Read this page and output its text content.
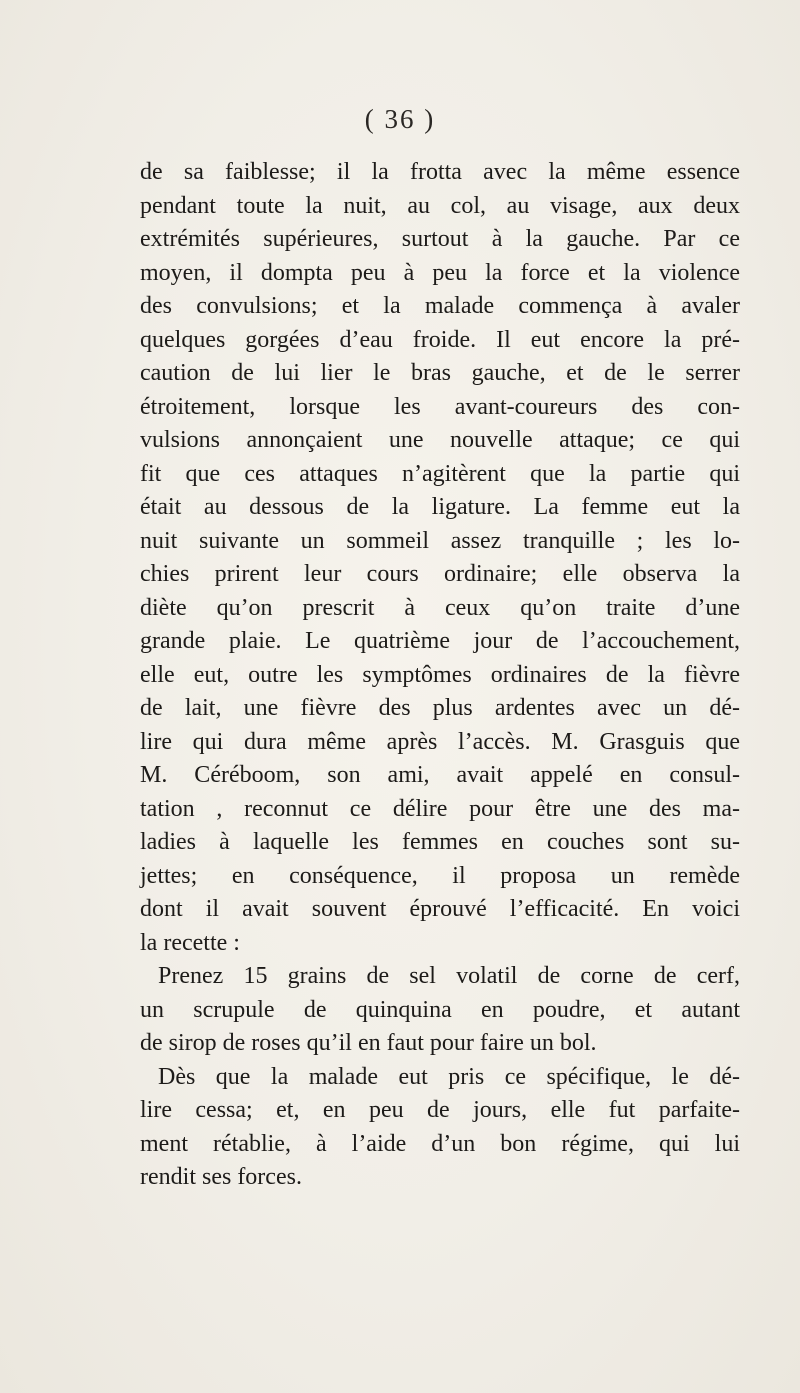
( 36 )
de sa faiblesse; il la frotta avec la même essence
pendant toute la nuit, au col, au visage, aux deux
extrémités supérieures, surtout à la gauche. Par ce
moyen, il dompta peu à peu la force et la violence
des convulsions; et la malade commença à avaler
quelques gorgées d’eau froide. Il eut encore la pré-
caution de lui lier le bras gauche, et de le serrer
étroitement, lorsque les avant-coureurs des con-
vulsions annonçaient une nouvelle attaque; ce qui
fit que ces attaques n’agitèrent que la partie qui
était au dessous de la ligature. La femme eut la
nuit suivante un sommeil assez tranquille ; les lo-
chies prirent leur cours ordinaire; elle observa la
diète qu’on prescrit à ceux qu’on traite d’une
grande plaie. Le quatrième jour de l’accouchement,
elle eut, outre les symptômes ordinaires de la fièvre
de lait, une fièvre des plus ardentes avec un dé-
lire qui dura même après l’accès. M. Grasguis que
M. Céréboom, son ami, avait appelé en consul-
tation , reconnut ce délire pour être une des ma-
ladies à laquelle les femmes en couches sont su-
jettes; en conséquence, il proposa un remède
dont il avait souvent éprouvé l’efficacité. En voici
la recette :
Prenez 15 grains de sel volatil de corne de cerf,
un scrupule de quinquina en poudre, et autant
de sirop de roses qu’il en faut pour faire un bol.
Dès que la malade eut pris ce spécifique, le dé-
lire cessa; et, en peu de jours, elle fut parfaite-
ment rétablie, à l’aide d’un bon régime, qui lui
rendit ses forces.
